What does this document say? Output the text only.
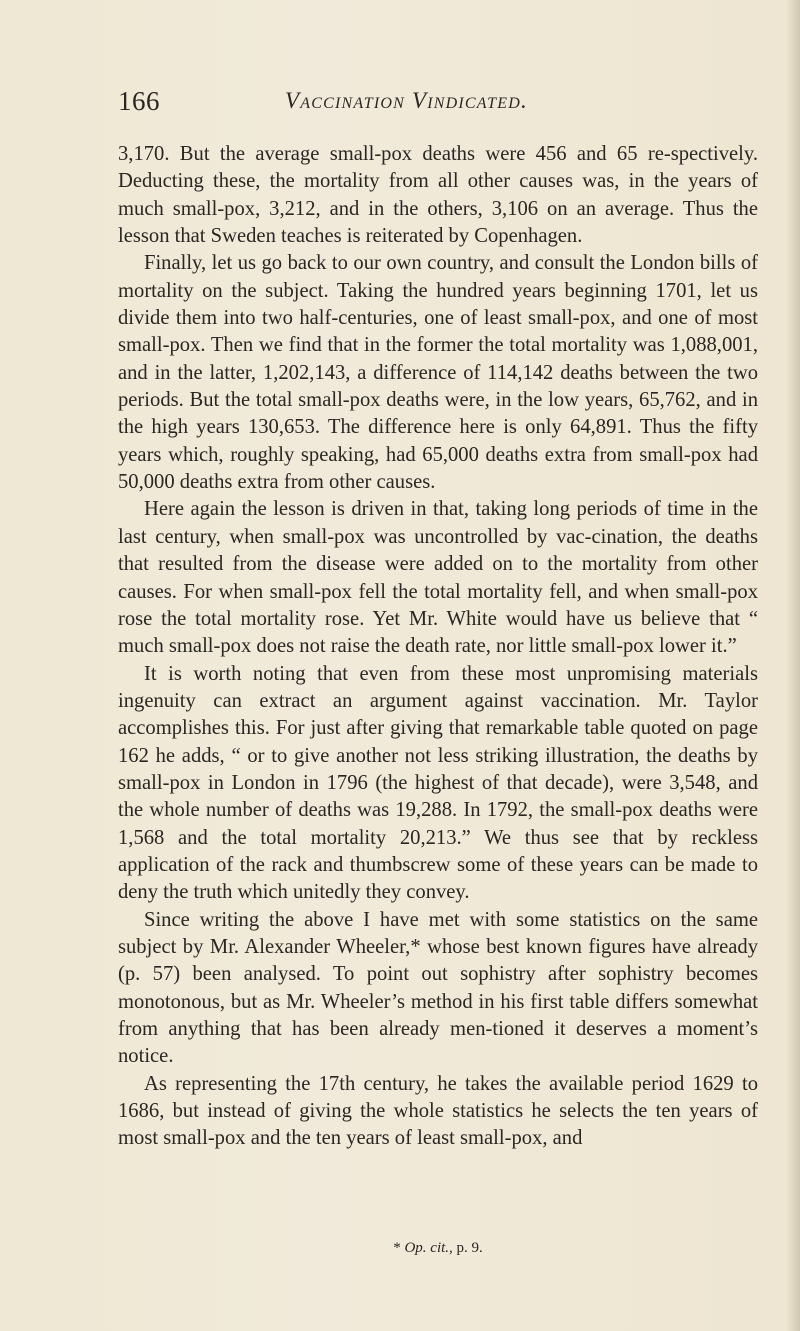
166	Vaccination Vindicated.

3,170. But the average small-pox deaths were 456 and 65 re-spectively. Deducting these, the mortality from all other causes was, in the years of much small-pox, 3,212, and in the others, 3,106 on an average. Thus the lesson that Sweden teaches is reiterated by Copenhagen.

Finally, let us go back to our own country, and consult the London bills of mortality on the subject. Taking the hundred years beginning 1701, let us divide them into two half-centuries, one of least small-pox, and one of most small-pox. Then we find that in the former the total mortality was 1,088,001, and in the latter, 1,202,143, a difference of 114,142 deaths between the two periods. But the total small-pox deaths were, in the low years, 65,762, and in the high years 130,653. The difference here is only 64,891. Thus the fifty years which, roughly speaking, had 65,000 deaths extra from small-pox had 50,000 deaths extra from other causes.

Here again the lesson is driven in that, taking long periods of time in the last century, when small-pox was uncontrolled by vac-cination, the deaths that resulted from the disease were added on to the mortality from other causes. For when small-pox fell the total mortality fell, and when small-pox rose the total mortality rose. Yet Mr. White would have us believe that “ much small-pox does not raise the death rate, nor little small-pox lower it.”

It is worth noting that even from these most unpromising materials ingenuity can extract an argument against vaccination. Mr. Taylor accomplishes this. For just after giving that remarkable table quoted on page 162 he adds, “ or to give another not less striking illustration, the deaths by small-pox in London in 1796 (the highest of that decade), were 3,548, and the whole number of deaths was 19,288. In 1792, the small-pox deaths were 1,568 and the total mortality 20,213.” We thus see that by reckless application of the rack and thumbscrew some of these years can be made to deny the truth which unitedly they convey.

Since writing the above I have met with some statistics on the same subject by Mr. Alexander Wheeler,* whose best known figures have already (p. 57) been analysed. To point out sophistry after sophistry becomes monotonous, but as Mr. Wheeler’s method in his first table differs somewhat from anything that has been already men-tioned it deserves a moment’s notice.

As representing the 17th century, he takes the available period 1629 to 1686, but instead of giving the whole statistics he selects the ten years of most small-pox and the ten years of least small-pox, and

* Op. cit., p. 9.
